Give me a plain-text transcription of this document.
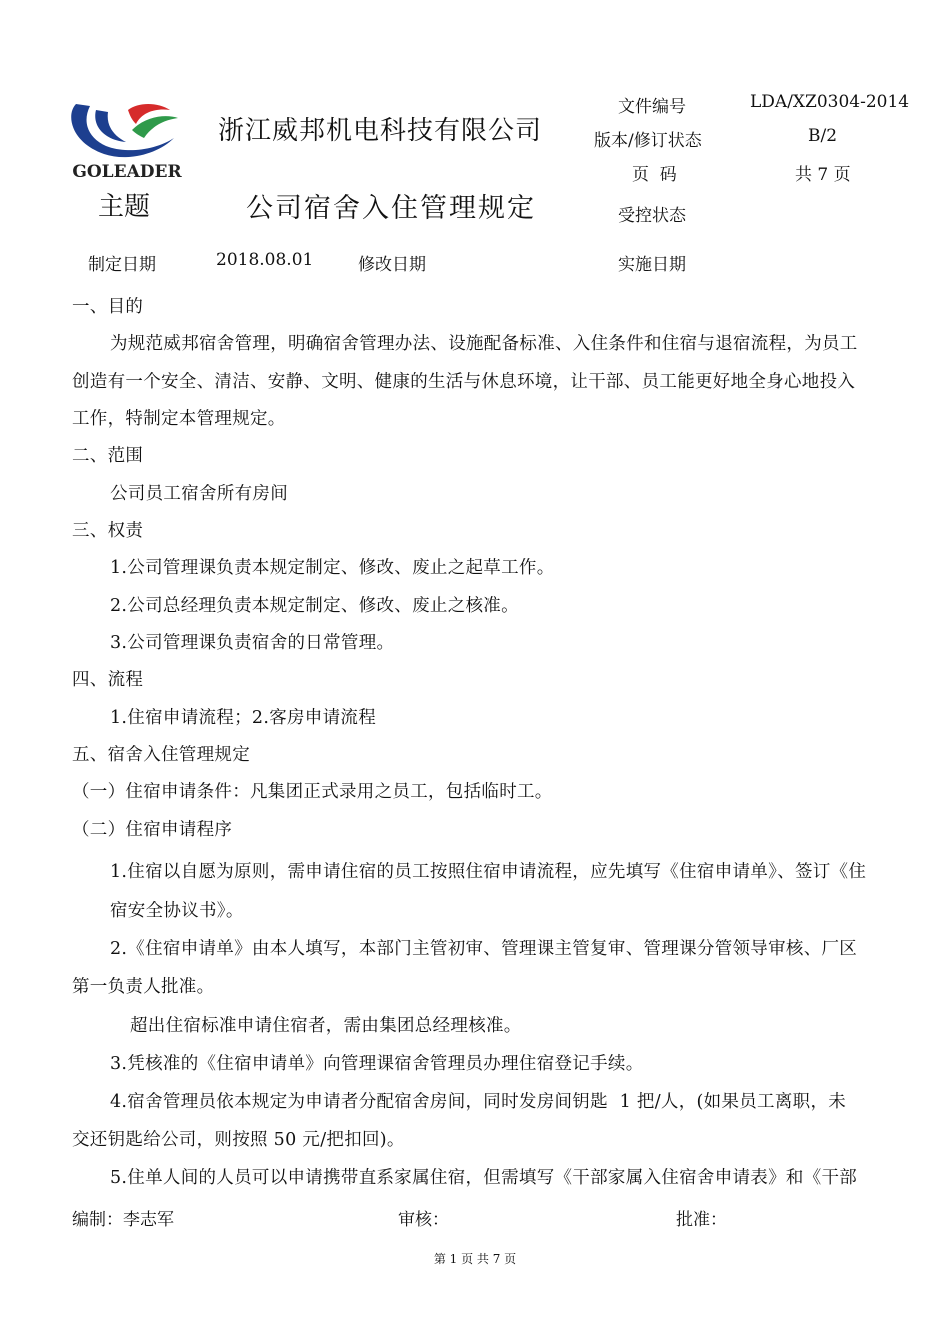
GOLEADER
浙江威邦机电科技有限公司
主题	公司宿舍入住管理规定
文件编号	LDA/XZ0304-2014
版本/修订状态	B/2
页  码	共 7 页
受控状态
制定日期	2018.08.01	修改日期	实施日期
一、目的
为规范威邦宿舍管理，明确宿舍管理办法、设施配备标准、入住条件和住宿与退宿流程，为员工
创造有一个安全、清洁、安静、文明、健康的生活与休息环境，让干部、员工能更好地全身心地投入
工作，特制定本管理规定。
二、范围
公司员工宿舍所有房间
三、权责
1.公司管理课负责本规定制定、修改、废止之起草工作。
2.公司总经理负责本规定制定、修改、废止之核准。
3.公司管理课负责宿舍的日常管理。
四、流程
1.住宿申请流程；2.客房申请流程
五、宿舍入住管理规定
（一）住宿申请条件：凡集团正式录用之员工，包括临时工。
（二）住宿申请程序
1.住宿以自愿为原则，需申请住宿的员工按照住宿申请流程，应先填写《住宿申请单》、签订《住
宿安全协议书》。
2.《住宿申请单》由本人填写，本部门主管初审、管理课主管复审、管理课分管领导审核、厂区
第一负责人批准。
超出住宿标准申请住宿者，需由集团总经理核准。
3.凭核准的《住宿申请单》向管理课宿舍管理员办理住宿登记手续。
4.宿舍管理员依本规定为申请者分配宿舍房间，同时发房间钥匙  1 把/人，(如果员工离职，未
交还钥匙给公司，则按照 50 元/把扣回)。
5.住单人间的人员可以申请携带直系家属住宿，但需填写《干部家属入住宿舍申请表》和《干部
编制：李志军	审核：	批准：
第 1 页 共 7 页
